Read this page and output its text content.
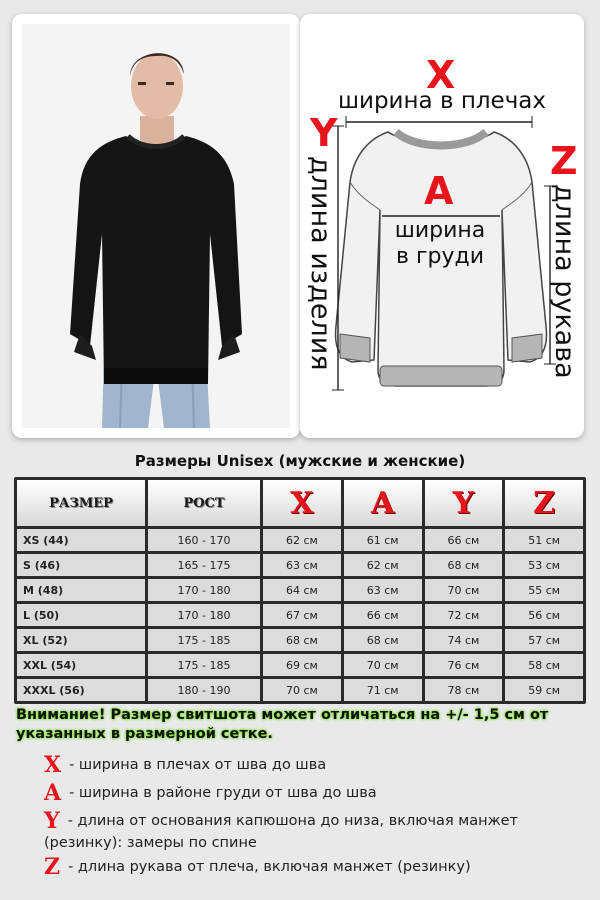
X
ширина в плечах
Y
длина изделия	Z
длина рукава
A
ширина
в груди
Размеры Unisex (мужские и женские)
РАЗМЕР	РОСТ	X	A	Y	Z
XS (44)	160 - 170	62 см	61 см	66 см	51 см
S (46)	165 - 175	63 см	62 см	68 см	53 см
M (48)	170 - 180	64 см	63 см	70 см	55 см
L (50)	170 - 180	67 см	66 см	72 см	56 см
XL (52)	175 - 185	68 см	68 см	74 см	57 см
XXL (54)	175 - 185	69 см	70 см	76 см	58 см
XXXL (56)	180 - 190	70 см	71 см	78 см	59 см
Внимание! Размер свитшота может отличаться на +/- 1,5 см от указанных в размерной сетке.
X - ширина в плечах от шва до шва
A - ширина в районе груди от шва до шва
Y - длина от основания капюшона до низа, включая манжет (резинку): замеры по спине
Z - длина рукава от плеча, включая манжет (резинку)
